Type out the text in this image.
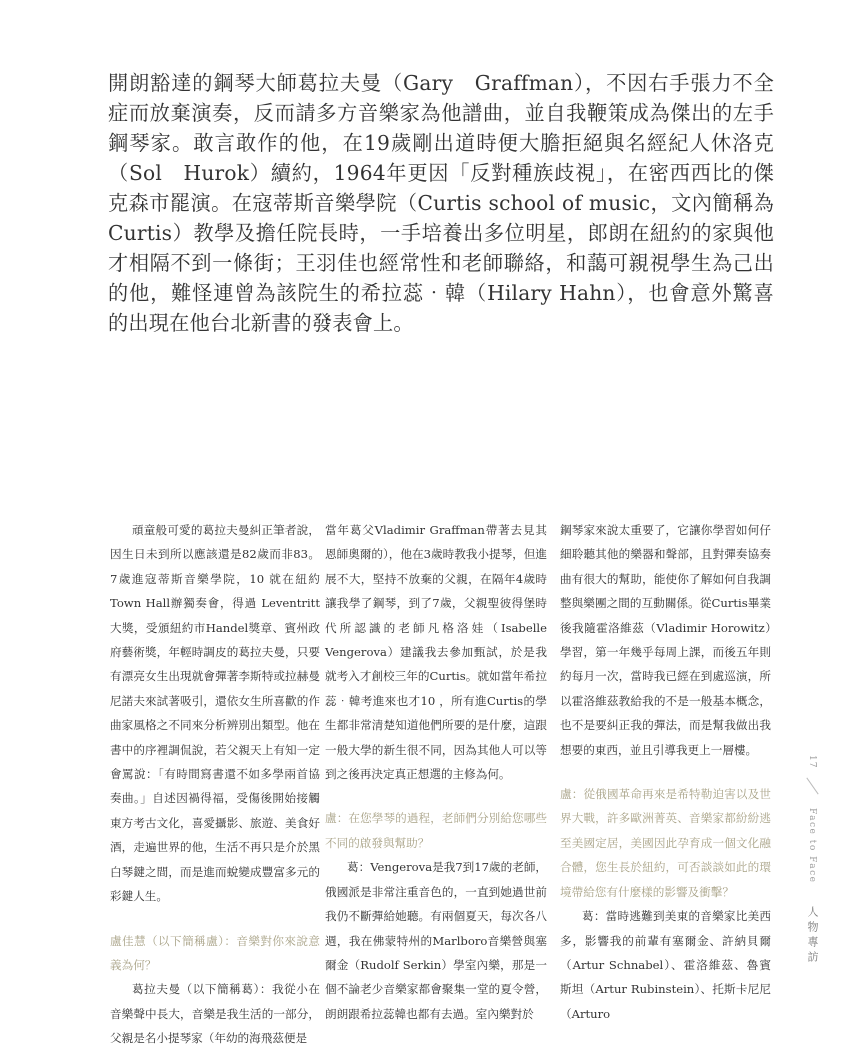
開朗豁達的鋼琴大師葛拉夫曼（Gary　Graffman），不因右手張力不全症而放棄演奏，反而請多方音樂家為他譜曲，並自我鞭策成為傑出的左手鋼琴家。敢言敢作的他，在19歲剛出道時便大膽拒絕與名經紀人休洛克（Sol　Hurok）續約，1964年更因「反對種族歧視」，在密西西比的傑克森市罷演。在寇蒂斯音樂學院（Curtis school of music，文內簡稱為Curtis）教學及擔任院長時，一手培養出多位明星，郎朗在紐約的家與他才相隔不到一條街；王羽佳也經常性和老師聯絡，和藹可親視學生為己出的他，難怪連曾為該院生的希拉蕊‧韓（Hilary Hahn），也會意外驚喜的出現在他台北新書的發表會上。

頑童般可愛的葛拉夫曼糾正筆者說，因生日未到所以應該還是82歲而非83。7歲進寇蒂斯音樂學院，10 就在紐約Town Hall辦獨奏會，得過 Leventritt大獎，受頒紐約市Handel獎章、賓州政府藝術獎，年輕時調皮的葛拉夫曼，只要有漂亮女生出現就會彈著李斯特或拉赫曼尼諾夫來試著吸引，還依女生所喜歡的作曲家風格之不同來分析辨別出類型。他在書中的序裡調侃說，若父親天上有知一定會罵說：「有時間寫書還不如多學兩首協奏曲。」自述因禍得福，受傷後開始接觸東方考古文化，喜愛攝影、旅遊、美食好酒，走遍世界的他，生活不再只是介於黑白琴鍵之間，而是進而蛻變成豐富多元的彩鍵人生。

盧佳慧（以下簡稱盧）：音樂對你來說意義為何？

葛拉夫曼（以下簡稱葛）：我從小在音樂聲中長大，音樂是我生活的一部分，父親是名小提琴家（年幼的海飛茲便是

當年葛父Vladimir Graffman帶著去見其恩師奧爾的），他在3歲時教我小提琴，但進展不大，堅持不放棄的父親，在隔年4歲時讓我學了鋼琴，到了7歲，父親聖彼得堡時代所認識的老師凡格洛娃（Isabelle Vengerova）建議我去參加甄試，於是我就考入才創校三年的Curtis。就如當年希拉蕊‧韓考進來也才10 ，所有進Curtis的學生都非常清楚知道他們所要的是什麼，這跟一般大學的新生很不同，因為其他人可以等到之後再決定真正想選的主修為何。

盧：在您學琴的過程，老師們分別給您哪些不同的啟發與幫助？

葛：Vengerova是我7到17歲的老師，俄國派是非常注重音色的，一直到她過世前我仍不斷彈給她聽。有兩個夏天，每次各八週，我在佛蒙特州的Marlboro音樂營與塞爾金（Rudolf Serkin）學室內樂，那是一個不論老少音樂家都會聚集一堂的夏令營，朗朗跟希拉蕊韓也都有去過。室內樂對於

鋼琴家來說太重要了，它讓你學習如何仔細聆聽其他的樂器和聲部，且對彈奏協奏曲有很大的幫助，能使你了解如何自我調整與樂團之間的互動關係。從Curtis畢業後我隨霍洛維茲（Vladimir Horowitz）學習，第一年幾乎每周上課，而後五年則約每月一次，當時我已經在到處巡演，所以霍洛維茲教給我的不是一般基本概念，也不是要糾正我的彈法，而是幫我做出我想要的東西，並且引導我更上一層樓。

盧：從俄國革命再來是希特勒迫害以及世界大戰，許多歐洲菁英、音樂家都紛紛逃至美國定居，美國因此孕育成一個文化融合體，您生長於紐約，可否談談如此的環境帶給您有什麼樣的影響及衝擊？

葛：當時逃難到美東的音樂家比美西多，影響我的前輩有塞爾金、許納貝爾（Artur Schnabel）、霍洛維茲、魯賓斯坦（Artur Rubinstein）、托斯卡尼尼（Arturo

17
Face to Face
人物專訪
